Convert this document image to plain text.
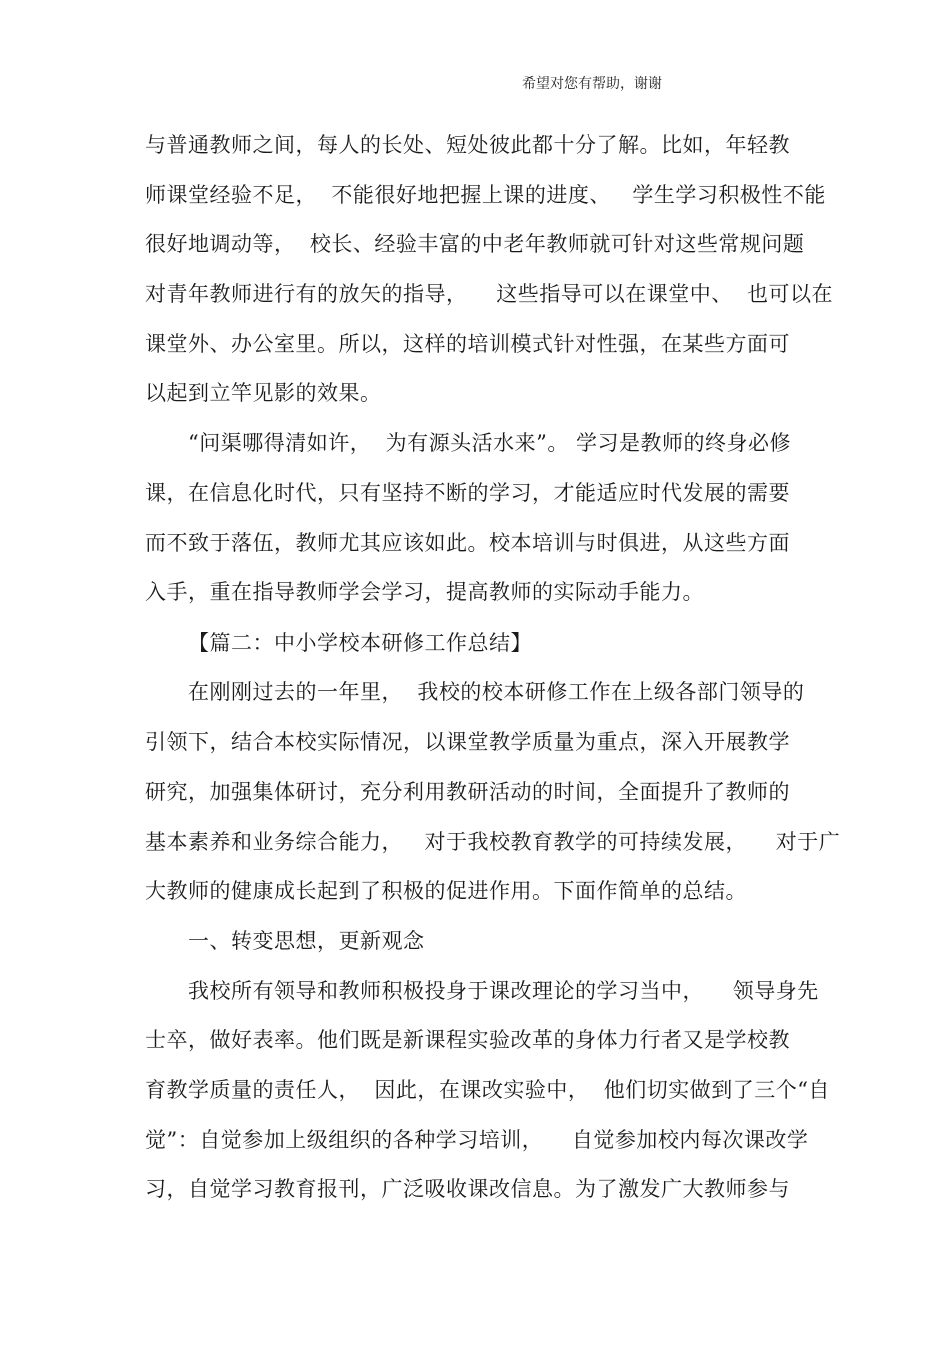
希望对您有帮助，谢谢
与普通教师之间，每人的长处、短处彼此都十分了解。比如，年轻教
师课堂经验不足，  不能很好地把握上课的进度、   学生学习积极性不能
很好地调动等，  校长、经验丰富的中老年教师就可针对这些常规问题
对青年教师进行有的放矢的指导，    这些指导可以在课堂中、  也可以在
课堂外、办公室里。所以，这样的培训模式针对性强，在某些方面可
以起到立竿见影的效果。
“问渠哪得清如许，  为有源头活水来”。 学习是教师的终身必修
课，在信息化时代，只有坚持不断的学习，才能适应时代发展的需要
而不致于落伍，教师尤其应该如此。校本培训与时俱进，从这些方面
入手，重在指导教师学会学习，提高教师的实际动手能力。
【篇二：中小学校本研修工作总结】
在刚刚过去的一年里，  我校的校本研修工作在上级各部门领导的
引领下，结合本校实际情况，以课堂教学质量为重点，深入开展教学
研究，加强集体研讨，充分利用教研活动的时间，全面提升了教师的
基本素养和业务综合能力，   对于我校教育教学的可持续发展，    对于广
大教师的健康成长起到了积极的促进作用。下面作简单的总结。
一、转变思想，更新观念
我校所有领导和教师积极投身于课改理论的学习当中，    领导身先
士卒，做好表率。他们既是新课程实验改革的身体力行者又是学校教
育教学质量的责任人，  因此，在课改实验中，  他们切实做到了三个“自
觉”：自觉参加上级组织的各种学习培训，    自觉参加校内每次课改学
习，自觉学习教育报刊，广泛吸收课改信息。为了激发广大教师参与
